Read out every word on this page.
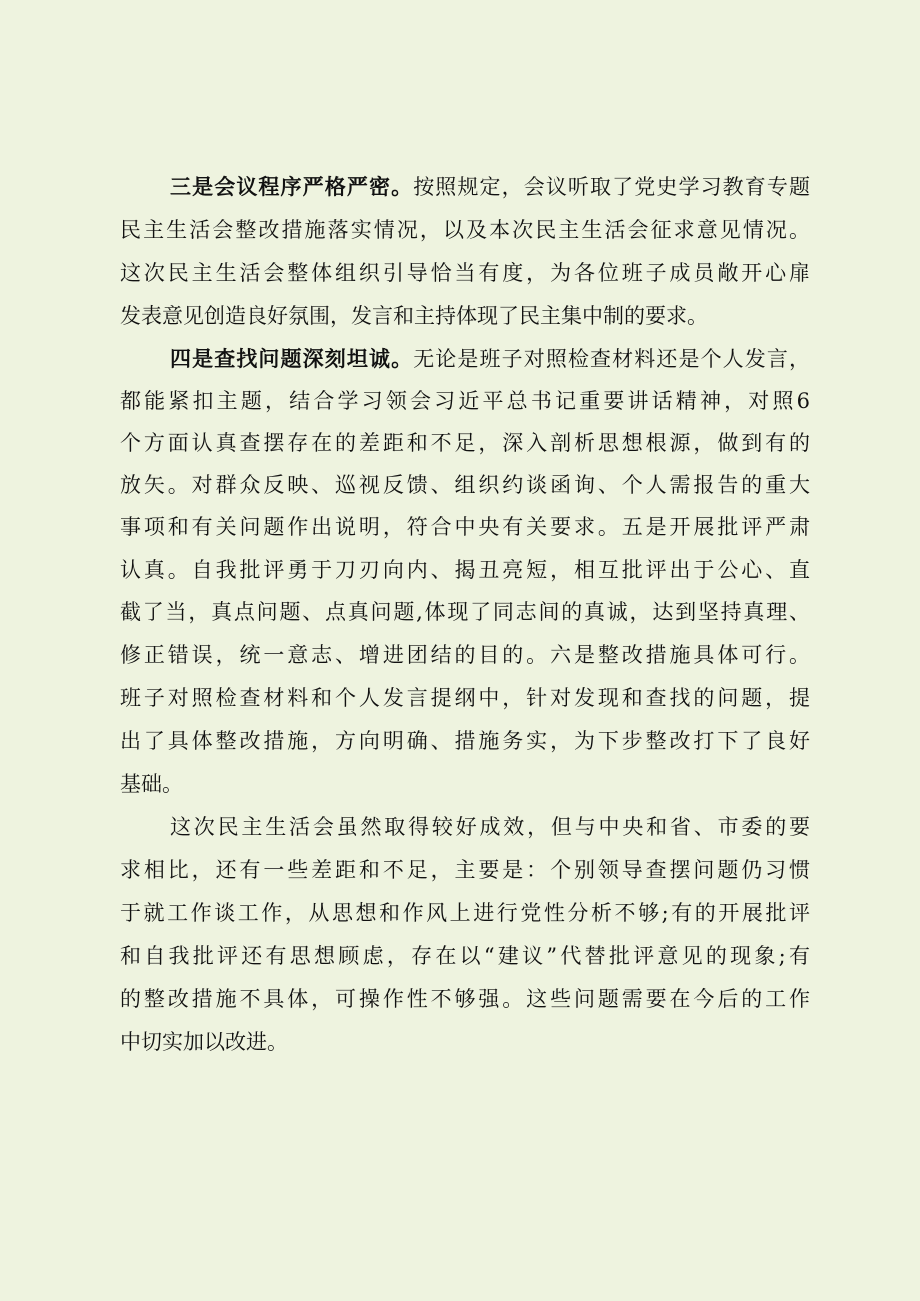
三是会议程序严格严密。按照规定，会议听取了党史学习教育专题
民主生活会整改措施落实情况，以及本次民主生活会征求意见情况。
这次民主生活会整体组织引导恰当有度，为各位班子成员敞开心扉
发表意见创造良好氛围，发言和主持体现了民主集中制的要求。
四是查找问题深刻坦诚。无论是班子对照检查材料还是个人发言，
都能紧扣主题，结合学习领会习近平总书记重要讲话精神，对照6
个方面认真查摆存在的差距和不足，深入剖析思想根源，做到有的
放矢。对群众反映、巡视反馈、组织约谈函询、个人需报告的重大
事项和有关问题作出说明，符合中央有关要求。五是开展批评严肃
认真。自我批评勇于刀刃向内、揭丑亮短，相互批评出于公心、直
截了当，真点问题、点真问题,体现了同志间的真诚，达到坚持真理、
修正错误，统一意志、增进团结的目的。六是整改措施具体可行。
班子对照检查材料和个人发言提纲中，针对发现和查找的问题，提
出了具体整改措施，方向明确、措施务实，为下步整改打下了良好
基础。
这次民主生活会虽然取得较好成效，但与中央和省、市委的要
求相比，还有一些差距和不足，主要是：个别领导查摆问题仍习惯
于就工作谈工作，从思想和作风上进行党性分析不够;有的开展批评
和自我批评还有思想顾虑，存在以“建议”代替批评意见的现象;有
的整改措施不具体，可操作性不够强。这些问题需要在今后的工作
中切实加以改进。
